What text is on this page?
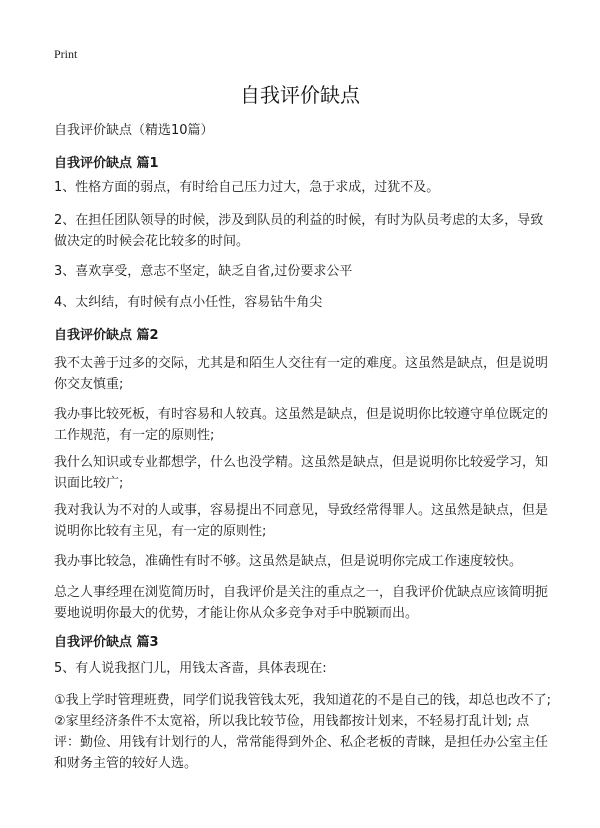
Print
自我评价缺点
自我评价缺点（精选10篇）
自我评价缺点 篇1

1、性格方面的弱点，有时给自己压力过大，急于求成，过犹不及。

2、在担任团队领导的时候，涉及到队员的利益的时候，有时为队员考虑的太多，导致做决定的时候会花比较多的时间。

3、喜欢享受，意志不坚定，缺乏自省,过份要求公平

4、太纠结，有时候有点小任性，容易钻牛角尖

自我评价缺点 篇2

我不太善于过多的交际，尤其是和陌生人交往有一定的难度。这虽然是缺点，但是说明你交友慎重;

我办事比较死板，有时容易和人较真。这虽然是缺点，但是说明你比较遵守单位既定的工作规范，有一定的原则性;

我什么知识或专业都想学，什么也没学精。这虽然是缺点，但是说明你比较爱学习，知识面比较广;

我对我认为不对的人或事，容易提出不同意见，导致经常得罪人。这虽然是缺点，但是说明你比较有主见，有一定的原则性;

我办事比较急，准确性有时不够。这虽然是缺点，但是说明你完成工作速度较快。

总之人事经理在浏览简历时，自我评价是关注的重点之一，自我评价优缺点应该简明扼要地说明你最大的优势，才能让你从众多竞争对手中脱颖而出。

自我评价缺点 篇3

5、有人说我抠门儿，用钱太吝啬，具体表现在:

①我上学时管理班费，同学们说我管钱太死，我知道花的不是自己的钱，却总也改不了; ②家里经济条件不太宽裕，所以我比较节俭，用钱都按计划来，不轻易打乱计划; 点评：勤俭、用钱有计划行的人，常常能得到外企、私企老板的青睐，是担任办公室主任和财务主管的较好人选。
